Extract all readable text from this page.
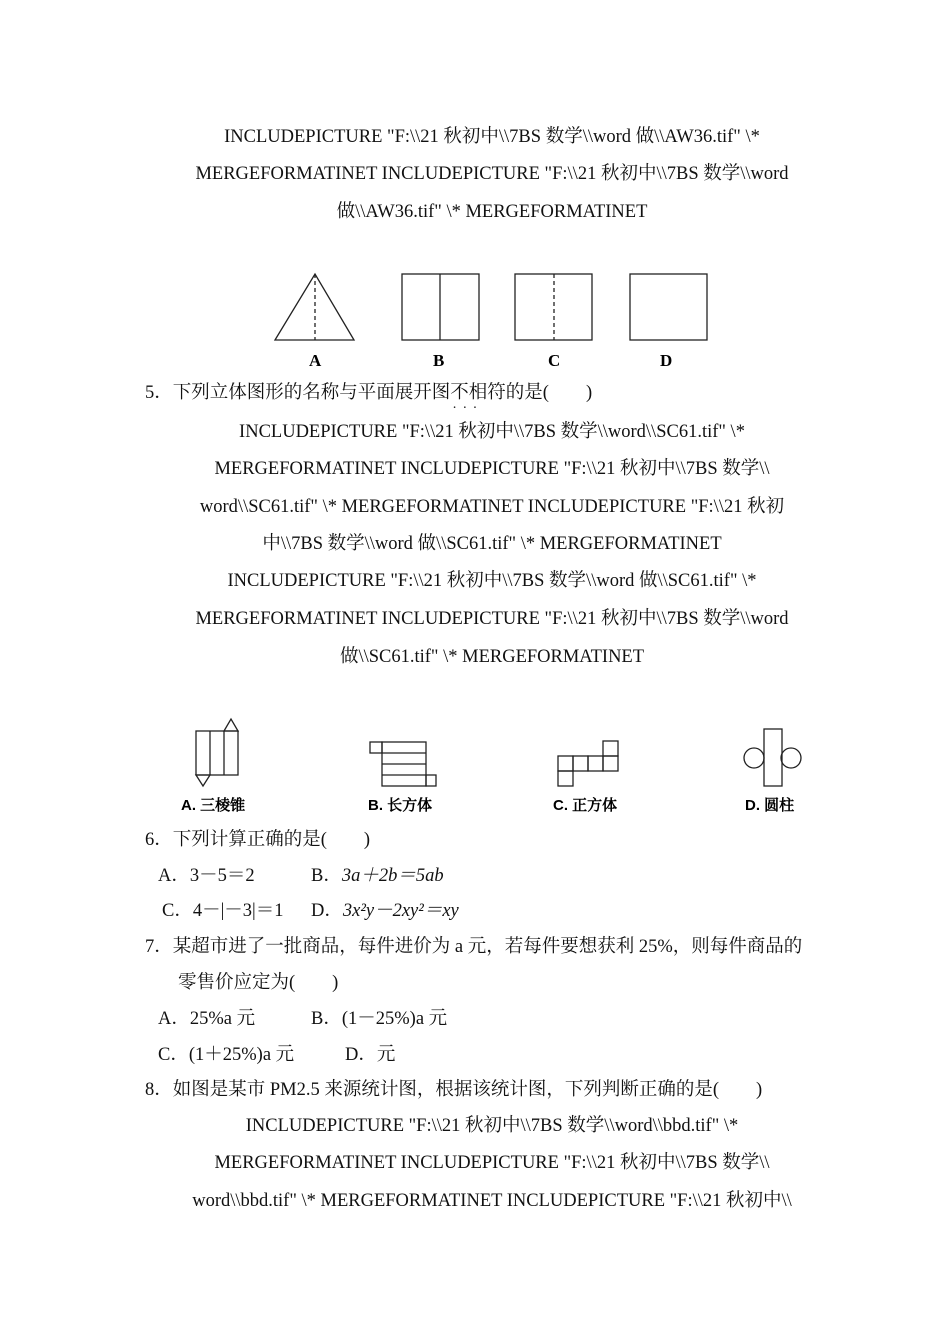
INCLUDEPICTURE "F:\\21 秋初中\\7BS 数学\\word 做\\AW36.tif" \*
MERGEFORMATINET INCLUDEPICTURE "F:\\21 秋初中\\7BS 数学\\word
做\\AW36.tif" \* MERGEFORMATINET
A	B	C	D
5．下列立体图形的名称与平面展开图不相符 · · ·的是(　　)
INCLUDEPICTURE "F:\\21 秋初中\\7BS 数学\\word\\SC61.tif" \*
MERGEFORMATINET INCLUDEPICTURE "F:\\21 秋初中\\7BS 数学\\
word\\SC61.tif" \* MERGEFORMATINET INCLUDEPICTURE "F:\\21 秋初
中\\7BS 数学\\word 做\\SC61.tif" \* MERGEFORMATINET
INCLUDEPICTURE "F:\\21 秋初中\\7BS 数学\\word 做\\SC61.tif" \*
MERGEFORMATINET INCLUDEPICTURE "F:\\21 秋初中\\7BS 数学\\word
做\\SC61.tif" \* MERGEFORMATINET
A. 三棱锥	B. 长方体	C. 正方体	D. 圆柱
6．下列计算正确的是(　　)
A．3－5＝2	B．3a＋2b＝5ab
C．4－|－3|＝1 D．3x²y－2xy²＝xy
7．某超市进了一批商品，每件进价为 a 元，若每件要想获利 25%，则每件商品的
零售价应定为(　　)
A．25%a 元	B．(1－25%)a 元
C．(1＋25%)a 元	D．元
8．如图是某市 PM2.5 来源统计图，根据该统计图，下列判断正确的是(　　)
INCLUDEPICTURE "F:\\21 秋初中\\7BS 数学\\word\\bbd.tif" \*
MERGEFORMATINET INCLUDEPICTURE "F:\\21 秋初中\\7BS 数学\\
word\\bbd.tif" \* MERGEFORMATINET INCLUDEPICTURE "F:\\21 秋初中\\
